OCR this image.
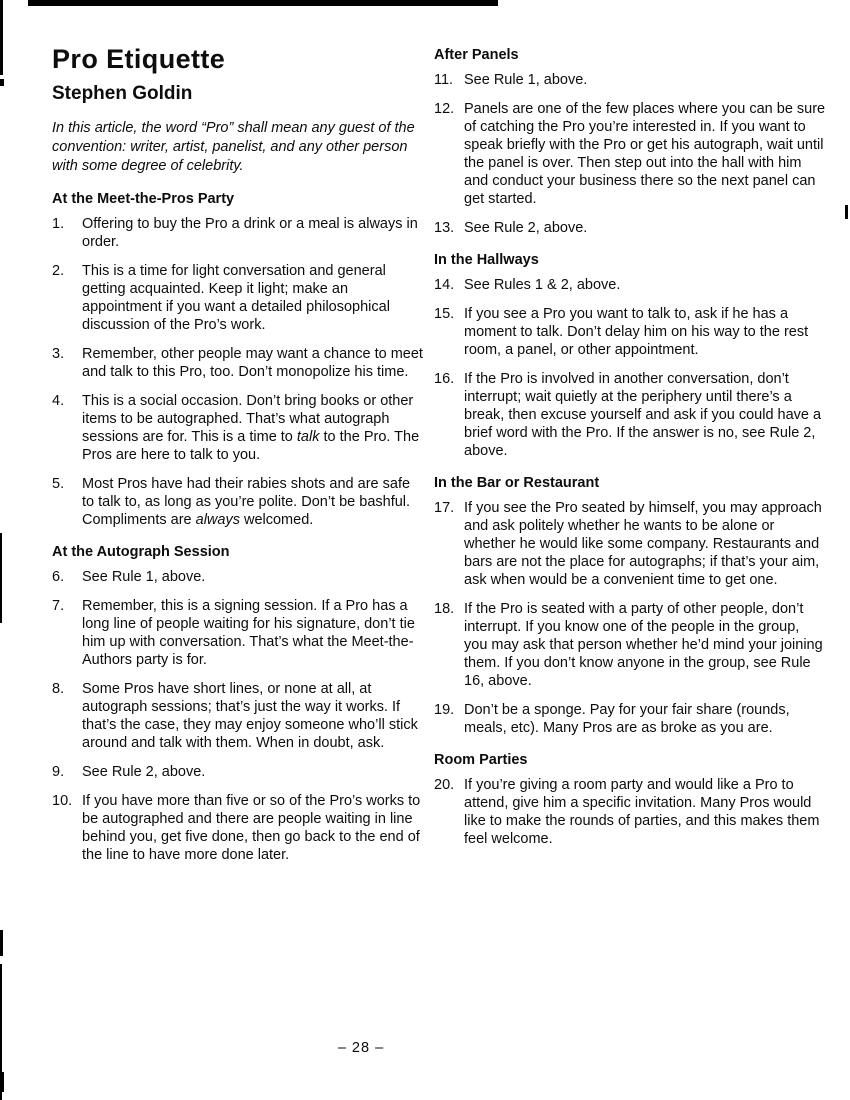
Pro Etiquette
Stephen Goldin

In this article, the word “Pro” shall mean any guest of the convention: writer, artist, panelist, and any other person with some degree of celebrity.

At the Meet-the-Pros Party
1.	Offering to buy the Pro a drink or a meal is always in order.
2.	This is a time for light conversation and general getting acquainted. Keep it light; make an appointment if you want a detailed philosophical discussion of the Pro’s work.
3.	Remember, other people may want a chance to meet and talk to this Pro, too. Don’t monopolize his time.
4.	This is a social occasion. Don’t bring books or other items to be autographed. That’s what autograph sessions are for. This is a time to talk to the Pro. The Pros are here to talk to you.
5.	Most Pros have had their rabies shots and are safe to talk to, as long as you’re polite. Don’t be bashful. Compliments are always welcomed.
At the Autograph Session
6.	See Rule 1, above.
7.	Remember, this is a signing session. If a Pro has a long line of people waiting for his signature, don’t tie him up with conversation. That’s what the Meet-the-Authors party is for.
8.	Some Pros have short lines, or none at all, at autograph sessions; that’s just the way it works. If that’s the case, they may enjoy someone who’ll stick around and talk with them. When in doubt, ask.
9.	See Rule 2, above.
10. If you have more than five or so of the Pro’s works to be autographed and there are people waiting in line behind you, get five done, then go back to the end of the line to have more done later.
After Panels
11. See Rule 1, above.
12. Panels are one of the few places where you can be sure of catching the Pro you’re interested in. If you want to speak briefly with the Pro or get his autograph, wait until the panel is over. Then step out into the hall with him and conduct your business there so the next panel can get started.
13. See Rule 2, above.
In the Hallways
14. See Rules 1 & 2, above.
15. If you see a Pro you want to talk to, ask if he has a moment to talk. Don’t delay him on his way to the rest room, a panel, or other appointment.
16. If the Pro is involved in another conversation, don’t interrupt; wait quietly at the periphery until there’s a break, then excuse yourself and ask if you could have a brief word with the Pro. If the answer is no, see Rule 2, above.
In the Bar or Restaurant
17. If you see the Pro seated by himself, you may approach and ask politely whether he wants to be alone or whether he would like some company. Restaurants and bars are not the place for autographs; if that’s your aim, ask when would be a convenient time to get one.
18. If the Pro is seated with a party of other people, don’t interrupt. If you know one of the people in the group, you may ask that person whether he’d mind your joining them. If you don’t know anyone in the group, see Rule 16, above.
19. Don’t be a sponge. Pay for your fair share (rounds, meals, etc). Many Pros are as broke as you are.
Room Parties
20. If you’re giving a room party and would like a Pro to attend, give him a specific invitation. Many Pros would like to make the rounds of parties, and this makes them feel welcome.
– 28 –
